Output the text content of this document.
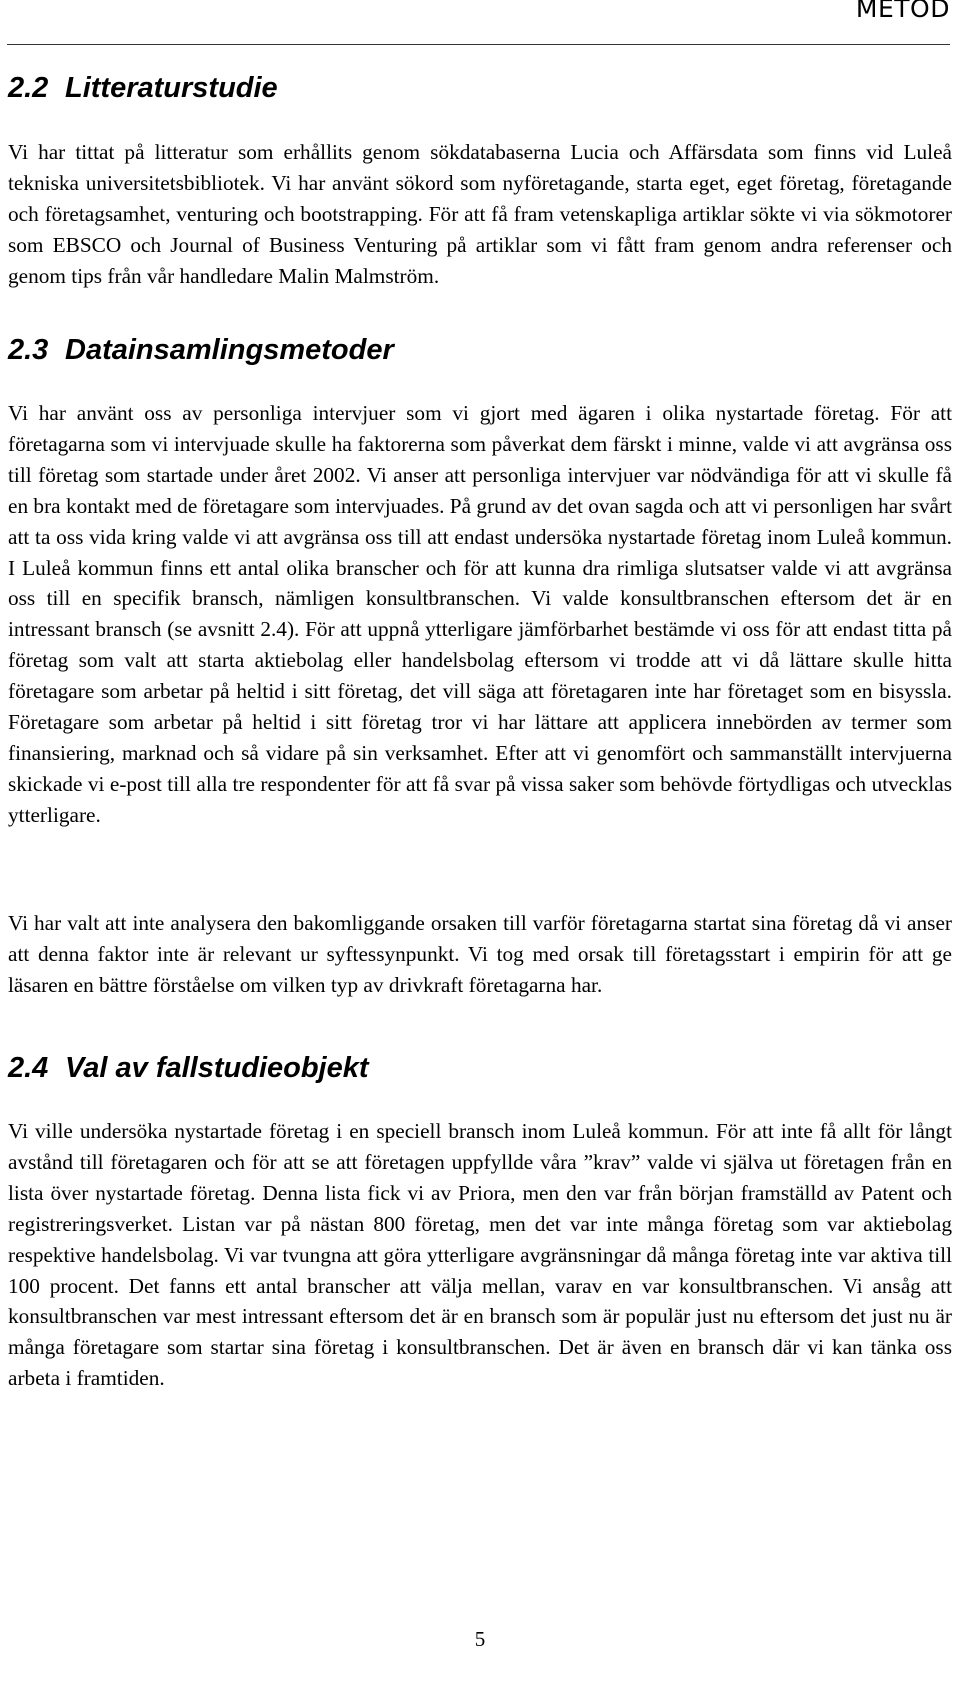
METOD
2.2 Litteraturstudie

Vi har tittat på litteratur som erhållits genom sökdatabaserna Lucia och Affärsdata som finns vid Luleå tekniska universitetsbibliotek. Vi har använt sökord som nyföretagande, starta eget, eget företag, företagande och företagsamhet, venturing och bootstrapping. För att få fram vetenskapliga artiklar sökte vi via sökmotorer som EBSCO och Journal of Business Venturing på artiklar som vi fått fram genom andra referenser och genom tips från vår handledare Malin Malmström.

2.3 Datainsamlingsmetoder

Vi har använt oss av personliga intervjuer som vi gjort med ägaren i olika nystartade företag. För att företagarna som vi intervjuade skulle ha faktorerna som påverkat dem färskt i minne, valde vi att avgränsa oss till företag som startade under året 2002. Vi anser att personliga intervjuer var nödvändiga för att vi skulle få en bra kontakt med de företagare som intervjuades. På grund av det ovan sagda och att vi personligen har svårt att ta oss vida kring valde vi att avgränsa oss till att endast undersöka nystartade företag inom Luleå kommun. I Luleå kommun finns ett antal olika branscher och för att kunna dra rimliga slutsatser valde vi att avgränsa oss till en specifik bransch, nämligen konsultbranschen. Vi valde konsultbranschen eftersom det är en intressant bransch (se avsnitt 2.4). För att uppnå ytterligare jämförbarhet bestämde vi oss för att endast titta på företag som valt att starta aktiebolag eller handelsbolag eftersom vi trodde att vi då lättare skulle hitta företagare som arbetar på heltid i sitt företag, det vill säga att företagaren inte har företaget som en bisyssla. Företagare som arbetar på heltid i sitt företag tror vi har lättare att applicera innebörden av termer som finansiering, marknad och så vidare på sin verksamhet. Efter att vi genomfört och sammanställt intervjuerna skickade vi e-post till alla tre respondenter för att få svar på vissa saker som behövde förtydligas och utvecklas ytterligare.

Vi har valt att inte analysera den bakomliggande orsaken till varför företagarna startat sina företag då vi anser att denna faktor inte är relevant ur syftessynpunkt. Vi tog med orsak till företagsstart i empirin för att ge läsaren en bättre förståelse om vilken typ av drivkraft företagarna har.

2.4 Val av fallstudieobjekt

Vi ville undersöka nystartade företag i en speciell bransch inom Luleå kommun. För att inte få allt för långt avstånd till företagaren och för att se att företagen uppfyllde våra ”krav” valde vi själva ut företagen från en lista över nystartade företag. Denna lista fick vi av Priora, men den var från början framställd av Patent och registreringsverket. Listan var på nästan 800 företag, men det var inte många företag som var aktiebolag respektive handelsbolag. Vi var tvungna att göra ytterligare avgränsningar då många företag inte var aktiva till 100 procent. Det fanns ett antal branscher att välja mellan, varav en var konsultbranschen. Vi ansåg att konsultbranschen var mest intressant eftersom det är en bransch som är populär just nu eftersom det just nu är många företagare som startar sina företag i konsultbranschen. Det är även en bransch där vi kan tänka oss arbeta i framtiden.

5
